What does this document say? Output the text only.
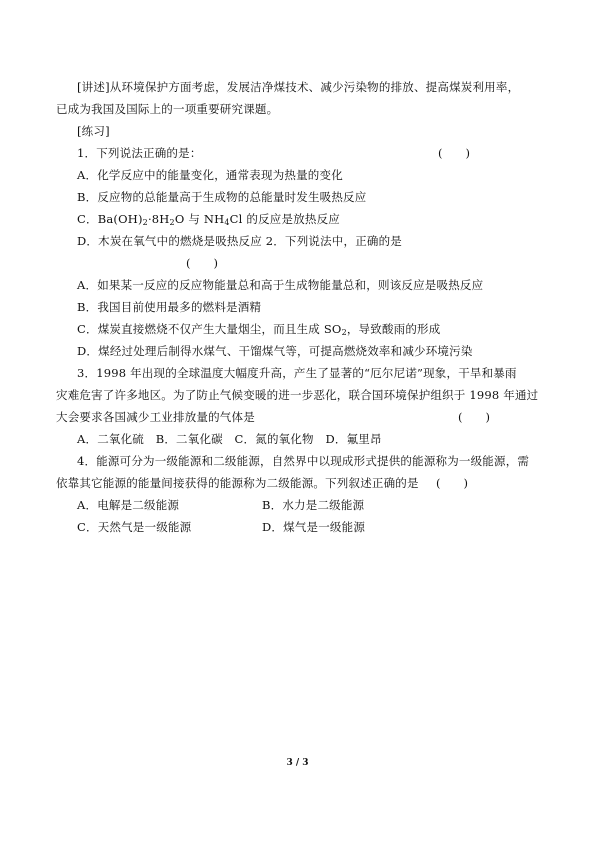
[讲述]从环境保护方面考虑，发展洁净煤技术、减少污染物的排放、提高煤炭利用率，
已成为我国及国际上的一项重要研究课题。
[练习]
1．下列说法正确的是：	(　　)
A．化学反应中的能量变化，通常表现为热量的变化
B．反应物的总能量高于生成物的总能量时发生吸热反应
C．$Ba(OH)_2\cdot 8H_2O$ 与 $NH_4Cl$ 的反应是放热反应
D．木炭在氧气中的燃烧是吸热反应 2．下列说法中，正确的是
(　　)
A．如果某一反应的反应物能量总和高于生成物能量总和，则该反应是吸热反应
B．我国目前使用最多的燃料是酒精
C．煤炭直接燃烧不仅产生大量烟尘，而且生成 $SO_2$，导致酸雨的形成
D．煤经过处理后制得水煤气、干馏煤气等，可提高燃烧效率和减少环境污染
3．1998 年出现的全球温度大幅度升高，产生了显著的“厄尔尼诺”现象，干旱和暴雨
灾难危害了许多地区。为了防止气候变暖的进一步恶化，联合国环境保护组织于 1998 年通过
大会要求各国减少工业排放量的气体是	(　　)
A．二氧化硫　B．二氧化碳　C．氮的氧化物　D．氟里昂
4．能源可分为一级能源和二级能源，自然界中以现成形式提供的能源称为一级能源，需
依靠其它能源的能量间接获得的能源称为二级能源。下列叙述正确的是 (　　)
A．电解是二级能源	B．水力是二级能源
C．天然气是一级能源	D．煤气是一级能源
3 / 3
